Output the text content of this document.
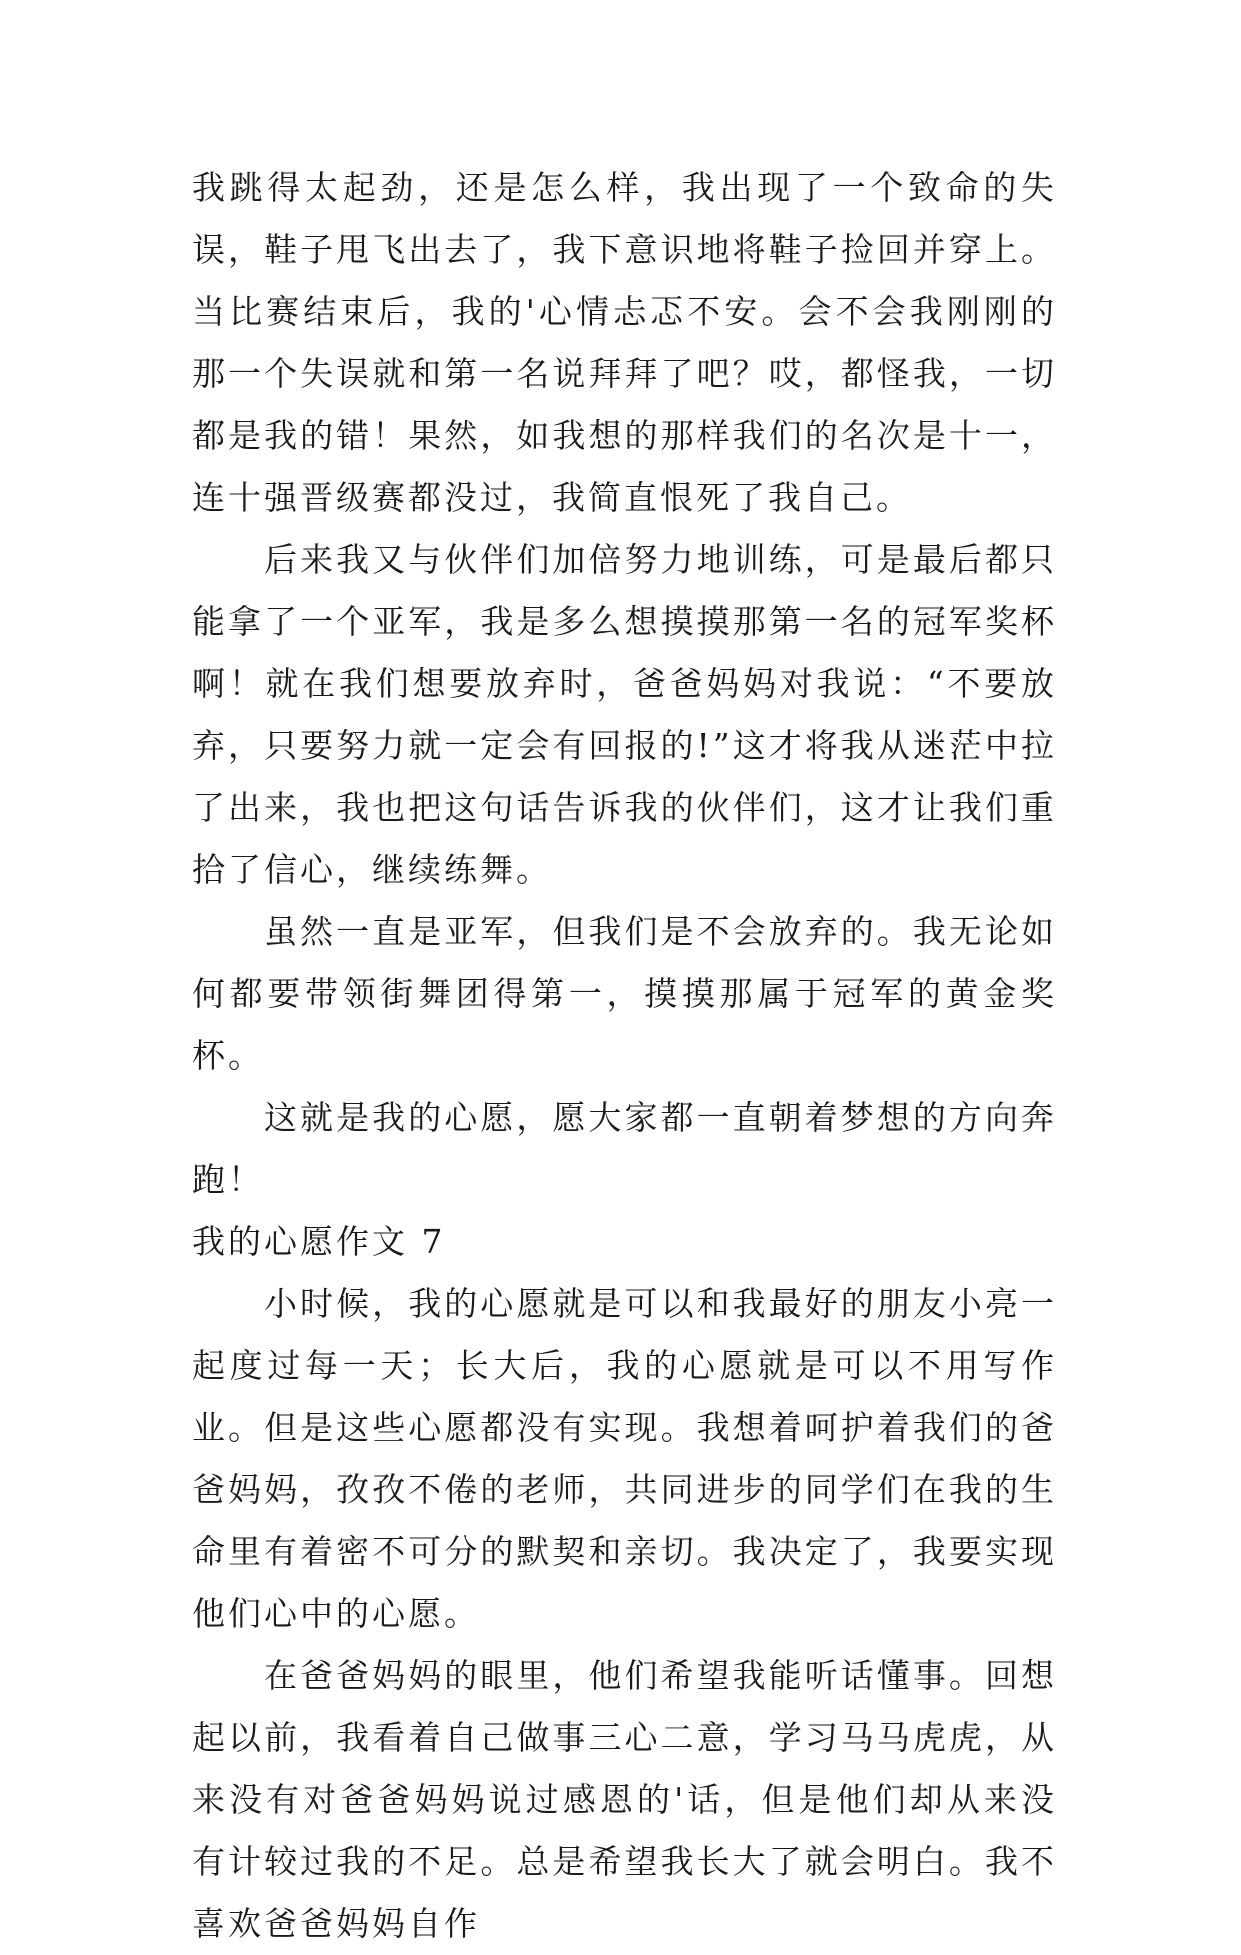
我跳得太起劲，还是怎么样，我出现了一个致命的失误，鞋子甩飞出去了，我下意识地将鞋子捡回并穿上。当比赛结束后，我的'心情忐忑不安。会不会我刚刚的那一个失误就和第一名说拜拜了吧？哎，都怪我，一切都是我的错！果然，如我想的那样我们的名次是十一，连十强晋级赛都没过，我简直恨死了我自己。

后来我又与伙伴们加倍努力地训练，可是最后都只能拿了一个亚军，我是多么想摸摸那第一名的冠军奖杯啊！就在我们想要放弃时，爸爸妈妈对我说：“不要放弃，只要努力就一定会有回报的!”这才将我从迷茫中拉了出来，我也把这句话告诉我的伙伴们，这才让我们重拾了信心，继续练舞。

虽然一直是亚军，但我们是不会放弃的。我无论如何都要带领街舞团得第一，摸摸那属于冠军的黄金奖杯。

这就是我的心愿，愿大家都一直朝着梦想的方向奔跑！

我的心愿作文 7

小时候，我的心愿就是可以和我最好的朋友小亮一起度过每一天；长大后，我的心愿就是可以不用写作业。但是这些心愿都没有实现。我想着呵护着我们的爸爸妈妈，孜孜不倦的老师，共同进步的同学们在我的生命里有着密不可分的默契和亲切。我决定了，我要实现他们心中的心愿。

在爸爸妈妈的眼里，他们希望我能听话懂事。回想起以前，我看着自己做事三心二意，学习马马虎虎，从来没有对爸爸妈妈说过感恩的'话，但是他们却从来没有计较过我的不足。总是希望我长大了就会明白。我不喜欢爸爸妈妈自作
